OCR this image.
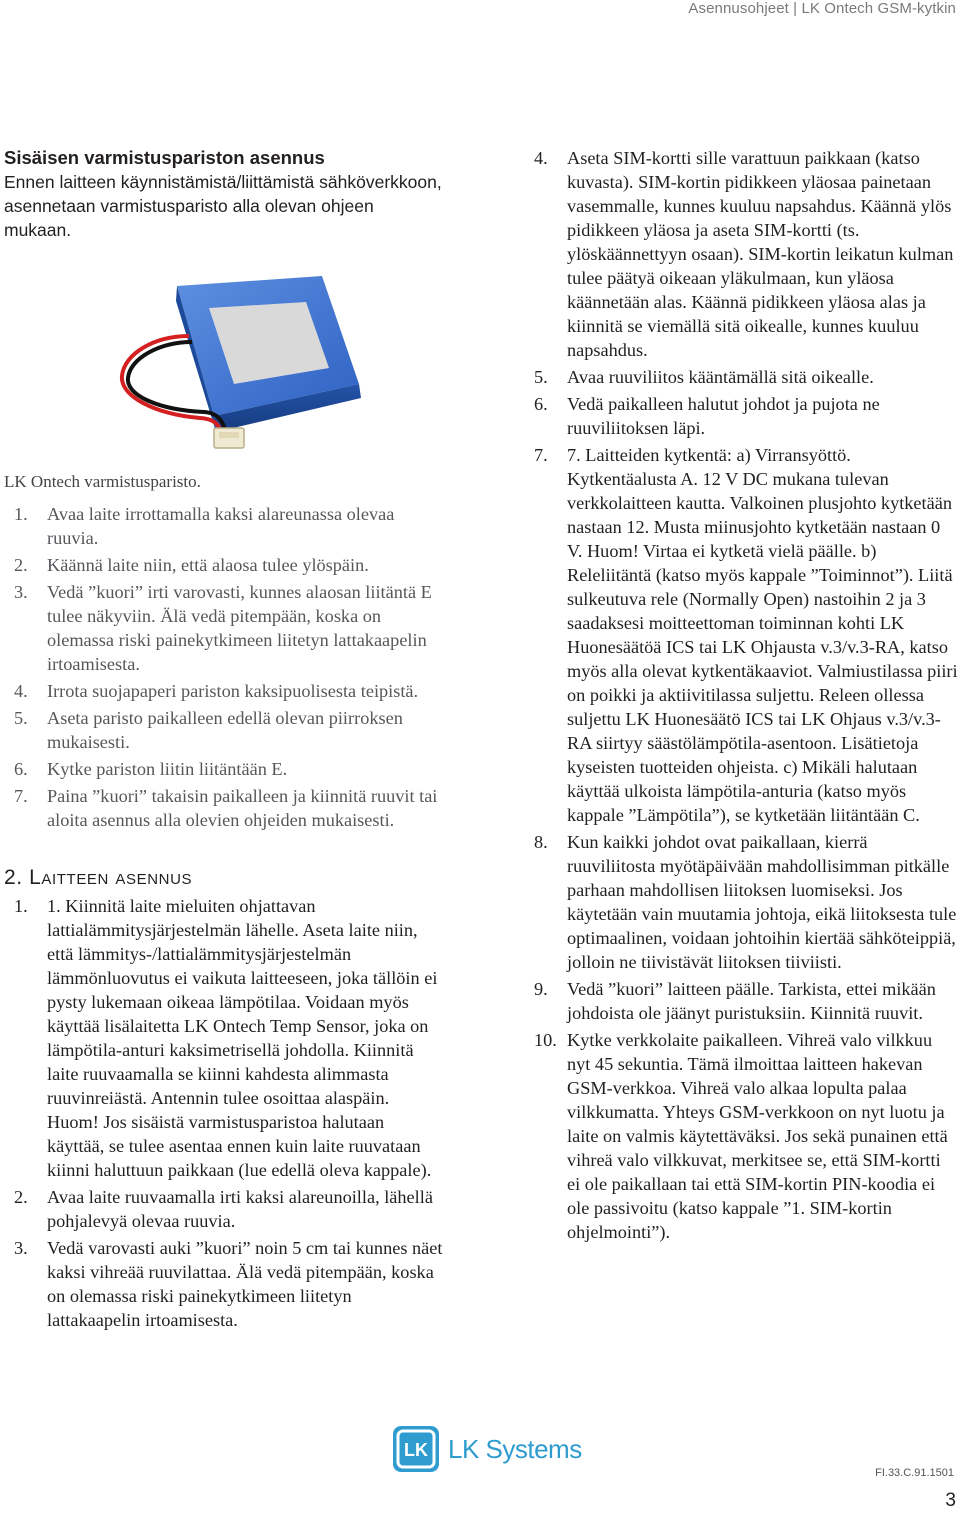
Asennusohjeet | LK Ontech GSM-kytkin
Sisäisen varmistuspariston asennus

Ennen laitteen käynnistämistä/liittämistä sähköverkkoon, asennetaan varmistusparisto alla olevan ohjeen mukaan.

LK Ontech varmistusparisto.

1. Avaa laite irrottamalla kaksi alareunassa olevaa ruuvia.
2. Käännä laite niin, että alaosa tulee ylöspäin.
3. Vedä ”kuori” irti varovasti, kunnes alaosan liitäntä E tulee näkyviin. Älä vedä pitempään, koska on olemassa riski painekytkimeen liitetyn lattakaapelin irtoamisesta.
4. Irrota suojapaperi pariston kaksipuolisesta teipistä.
5. Aseta paristo paikalleen edellä olevan piirroksen mukaisesti.
6. Kytke pariston liitin liitäntään E.
7. Paina ”kuori” takaisin paikalleen ja kiinnitä ruuvit tai aloita asennus alla olevien ohjeiden mukaisesti.
2. Laitteen asennus
1. 1. Kiinnitä laite mieluiten ohjattavan lattialämmitysjärjestelmän lähelle. Aseta laite niin, että lämmitys-/lattialämmitysjärjestelmän lämmönluovutus ei vaikuta laitteeseen, joka tällöin ei pysty lukemaan oikeaa lämpötilaa. Voidaan myös käyttää lisälaitetta LK Ontech Temp Sensor, joka on lämpötila-anturi kaksimetrisellä johdolla. Kiinnitä laite ruuvaamalla se kiinni kahdesta alimmasta ruuvinreiästä. Antennin tulee osoittaa alaspäin. Huom! Jos sisäistä varmistusparistoa halutaan käyttää, se tulee asentaa ennen kuin laite ruuvataan kiinni haluttuun paikkaan (lue edellä oleva kappale).
2. Avaa laite ruuvaamalla irti kaksi alareunoilla, lähellä pohjalevyä olevaa ruuvia.
3. Vedä varovasti auki ”kuori” noin 5 cm tai kunnes näet kaksi vihreää ruuvilattaa. Älä vedä pitempään, koska on olemassa riski painekytkimeen liitetyn lattakaapelin irtoamisesta.
4. Aseta SIM-kortti sille varattuun paikkaan (katso kuvasta). SIM-kortin pidikkeen yläosaa painetaan vasemmalle, kunnes kuuluu napsahdus. Käännä ylös pidikkeen yläosa ja aseta SIM-kortti (ts. ylöskäännettyyn osaan). SIM-kortin leikatun kulman tulee päätyä oikeaan yläkulmaan, kun yläosa käännetään alas. Käännä pidikkeen yläosa alas ja kiinnitä se viemällä sitä oikealle, kunnes kuuluu napsahdus.
5. Avaa ruuviliitos kääntämällä sitä oikealle.
6. Vedä paikalleen halutut johdot ja pujota ne ruuviliitoksen läpi.
7. 7. Laitteiden kytkentä: a) Virransyöttö. Kytkentäalusta A. 12 V DC mukana tulevan verkkolaitteen kautta. Valkoinen plusjohto kytketään nastaan 12. Musta miinusjohto kytketään nastaan 0 V. Huom! Virtaa ei kytketä vielä päälle. b) Releliitäntä (katso myös kappale ”Toiminnot”). Liitä sulkeutuva rele (Normally Open) nastoihin 2 ja 3 saadaksesi moitteettoman toiminnan kohti LK Huonesäätöä ICS tai LK Ohjausta v.3/v.3-RA, katso myös alla olevat kytkentäkaaviot. Valmiustilassa piiri on poikki ja aktiivitilassa suljettu. Releen ollessa suljettu LK Huonesäätö ICS tai LK Ohjaus v.3/v.3-RA siirtyy säästölämpötila-asentoon. Lisätietoja kyseisten tuotteiden ohjeista. c) Mikäli halutaan käyttää ulkoista lämpötila-anturia (katso myös kappale ”Lämpötila”), se kytketään liitäntään C.
8. Kun kaikki johdot ovat paikallaan, kierrä ruuviliitosta myötäpäivään mahdollisimman pitkälle parhaan mahdollisen liitoksen luomiseksi. Jos käytetään vain muutamia johtoja, eikä liitoksesta tule optimaalinen, voidaan johtoihin kiertää sähköteippiä, jolloin ne tiivistävät liitoksen tiiviisti.
9. Vedä ”kuori” laitteen päälle. Tarkista, ettei mikään johdoista ole jäänyt puristuksiin. Kiinnitä ruuvit.
10. Kytke verkkolaite paikalleen. Vihreä valo vilkkuu nyt 45 sekuntia. Tämä ilmoittaa laitteen hakevan GSM-verkkoa. Vihreä valo alkaa lopulta palaa vilkkumatta. Yhteys GSM-verkkoon on nyt luotu ja laite on valmis käytettäväksi. Jos sekä punainen että vihreä valo vilkkuvat, merkitsee se, että SIM-kortti ei ole paikallaan tai että SIM-kortin PIN-koodia ei ole passivoitu (katso kappale ”1. SIM-kortin ohjelmointi”).
LK LK Systems
FI.33.C.91.1501
3
